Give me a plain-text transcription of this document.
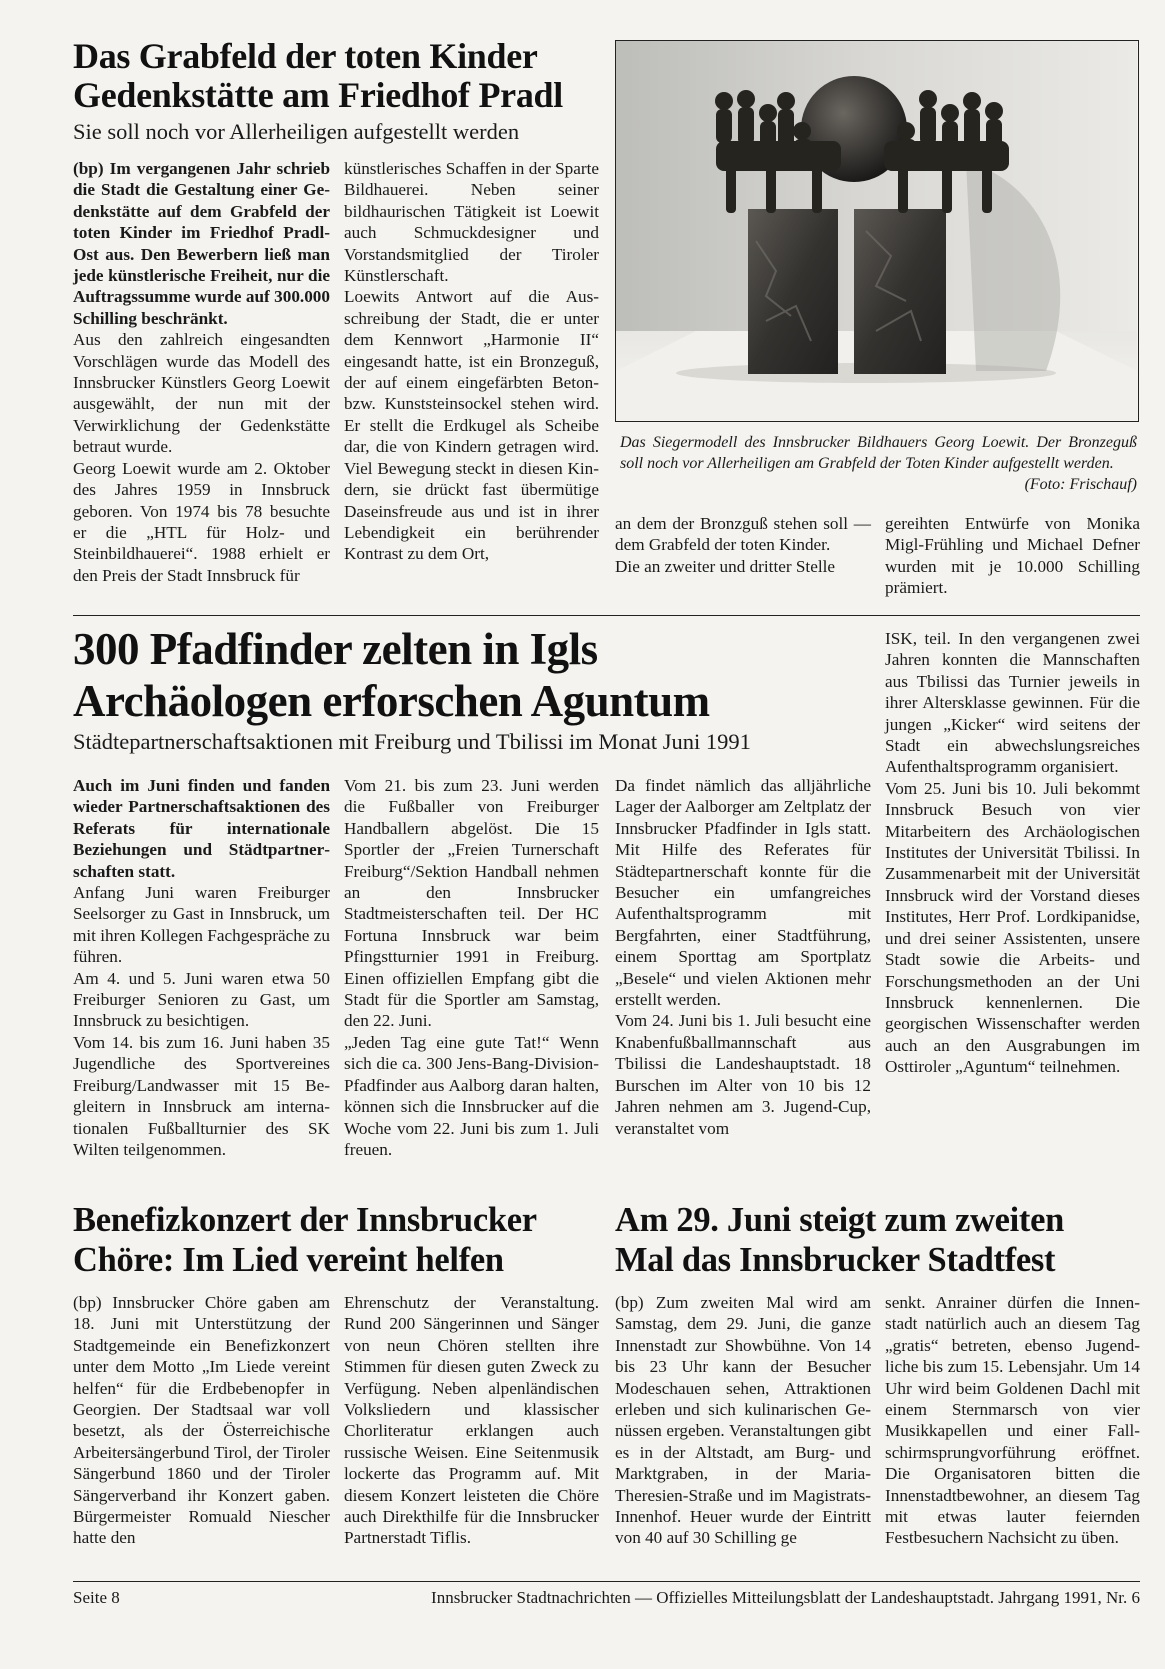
Das Grabfeld der toten Kinder
Gedenkstätte am Friedhof Pradl
Sie soll noch vor Allerheiligen aufgestellt werden

(bp) Im vergangenen Jahr schrieb die Stadt die Gestaltung einer Gedenkstätte auf dem Grabfeld der toten Kinder im Friedhof Pradl-Ost aus. Den Bewerbern ließ man jede künstlerische Freiheit, nur die Auftragssumme wurde auf 300.000 Schilling beschränkt.

Aus den zahlreich eingesandten Vorschlägen wurde das Modell des Innsbrucker Künstlers Georg Loewit ausgewählt, der nun mit der Verwirklichung der Gedenkstätte betraut wurde.

Georg Loewit wurde am 2. Oktober des Jahres 1959 in Innsbruck geboren. Von 1974 bis 78 besuchte er die „HTL für Holz- und Steinbildhauerei“. 1988 erhielt er den Preis der Stadt Innsbruck für

künstlerisches Schaffen in der Sparte Bildhauerei. Neben seiner bildhaurischen Tätigkeit ist Loewit auch Schmuckdesigner und Vorstandsmitglied der Tiroler Künstlerschaft.

Loewits Antwort auf die Ausschreibung der Stadt, die er unter dem Kennwort „Harmonie II“ eingesandt hatte, ist ein Bronzeguß, der auf einem eingefärbten Beton- bzw. Kunststeinsockel stehen wird. Er stellt die Erdkugel als Scheibe dar, die von Kindern getragen wird. Viel Bewegung steckt in diesen Kindern, sie drückt fast übermütige Daseinsfreude aus und ist in ihrer Lebendigkeit ein berührender Kontrast zu dem Ort,

Das Siegermodell des Innsbrucker Bildhauers Georg Loewit. Der Bronzeguß soll noch vor Allerheiligen am Grabfeld der Toten Kinder aufgestellt werden.
(Foto: Frischauf)

an dem der Bronzguß stehen soll — dem Grabfeld der toten Kinder.

Die an zweiter und dritter Stelle

gereihten Entwürfe von Monika Migl-Frühling und Michael Defner wurden mit je 10.000 Schilling prämiert.

300 Pfadfinder zelten in Igls
Archäologen erforschen Aguntum
Städtepartnerschaftsaktionen mit Freiburg und Tbilissi im Monat Juni 1991

Auch im Juni finden und fanden wieder Partnerschaftsaktionen des Referats für internationale Beziehungen und Städtpartnerschaften statt.

Anfang Juni waren Freiburger Seelsorger zu Gast in Innsbruck, um mit ihren Kollegen Fachgespräche zu führen.

Am 4. und 5. Juni waren etwa 50 Freiburger Senioren zu Gast, um Innsbruck zu besichtigen.

Vom 14. bis zum 16. Juni haben 35 Jugendliche des Sportvereines Freiburg/Landwasser mit 15 Begleitern in Innsbruck am internationalen Fußballturnier des SK Wilten teilgenommen.

Vom 21. bis zum 23. Juni werden die Fußballer von Freiburger Handballern abgelöst. Die 15 Sportler der „Freien Turnerschaft Freiburg“/Sektion Handball nehmen an den Innsbrucker Stadtmeisterschaften teil. Der HC Fortuna Innsbruck war beim Pfingstturnier 1991 in Freiburg. Einen offiziellen Empfang gibt die Stadt für die Sportler am Samstag, den 22. Juni.

„Jeden Tag eine gute Tat!“ Wenn sich die ca. 300 Jens-Bang-Division-Pfadfinder aus Aalborg daran halten, können sich die Innsbrucker auf die Woche vom 22. Juni bis zum 1. Juli freuen.

Da findet nämlich das alljährliche Lager der Aalborger am Zeltplatz der Innsbrucker Pfadfinder in Igls statt. Mit Hilfe des Referates für Städtepartnerschaft konnte für die Besucher ein umfangreiches Aufenthaltsprogramm mit Bergfahrten, einer Stadtführung, einem Sporttag am Sportplatz „Besele“ und vielen Aktionen mehr erstellt werden.

Vom 24. Juni bis 1. Juli besucht eine Knabenfußballmannschaft aus Tbilissi die Landeshauptstadt. 18 Burschen im Alter von 10 bis 12 Jahren nehmen am 3. Jugend-Cup, veranstaltet vom

ISK, teil. In den vergangenen zwei Jahren konnten die Mannschaften aus Tbilissi das Turnier jeweils in ihrer Altersklasse gewinnen. Für die jungen „Kicker“ wird seitens der Stadt ein abwechslungsreiches Aufenthaltsprogramm organisiert.

Vom 25. Juni bis 10. Juli bekommt Innsbruck Besuch von vier Mitarbeitern des Archäologischen Institutes der Universität Tbilissi. In Zusammenarbeit mit der Universität Innsbruck wird der Vorstand dieses Institutes, Herr Prof. Lordkipanidse, und drei seiner Assistenten, unsere Stadt sowie die Arbeits- und Forschungsmethoden an der Uni Innsbruck kennenlernen. Die georgischen Wissenschafter werden auch an den Ausgrabungen im Osttiroler „Aguntum“ teilnehmen.

Benefizkonzert der Innsbrucker
Chöre: Im Lied vereint helfen

(bp) Innsbrucker Chöre gaben am 18. Juni mit Unterstützung der Stadtgemeinde ein Benefizkonzert unter dem Motto „Im Liede vereint helfen“ für die Erdbebenopfer in Georgien. Der Stadtsaal war voll besetzt, als der Österreichische Arbeitersängerbund Tirol, der Tiroler Sängerbund 1860 und der Tiroler Sängerverband ihr Konzert gaben. Bürgermeister Romuald Niescher hatte den

Ehrenschutz der Veranstaltung. Rund 200 Sängerinnen und Sänger von neun Chören stellten ihre Stimmen für diesen guten Zweck zu Verfügung. Neben alpenländischen Volksliedern und klassischer Chorliteratur erklangen auch russische Weisen. Eine Seitenmusik lockerte das Programm auf. Mit diesem Konzert leisteten die Chöre auch Direkthilfe für die Innsbrucker Partnerstadt Tiflis.

Am 29. Juni steigt zum zweiten
Mal das Innsbrucker Stadtfest

(bp) Zum zweiten Mal wird am Samstag, dem 29. Juni, die ganze Innenstadt zur Showbühne. Von 14 bis 23 Uhr kann der Besucher Modeschauen sehen, Attraktionen erleben und sich kulinarischen Genüssen ergeben. Veranstaltungen gibt es in der Altstadt, am Burg- und Marktgraben, in der Maria-Theresien-Straße und im Magistrats-Innenhof. Heuer wurde der Eintritt von 40 auf 30 Schilling ge

senkt. Anrainer dürfen die Innenstadt natürlich auch an diesem Tag „gratis“ betreten, ebenso Jugendliche bis zum 15. Lebensjahr. Um 14 Uhr wird beim Goldenen Dachl mit einem Sternmarsch von vier Musikkapellen und einer Fallschirmsprungvorführung eröffnet. Die Organisatoren bitten die Innenstadtbewohner, an diesem Tag mit etwas lauter feiernden Festbesuchern Nachsicht zu üben.

Seite 8	Innsbrucker Stadtnachrichten — Offizielles Mitteilungsblatt der Landeshauptstadt. Jahrgang 1991, Nr. 6
